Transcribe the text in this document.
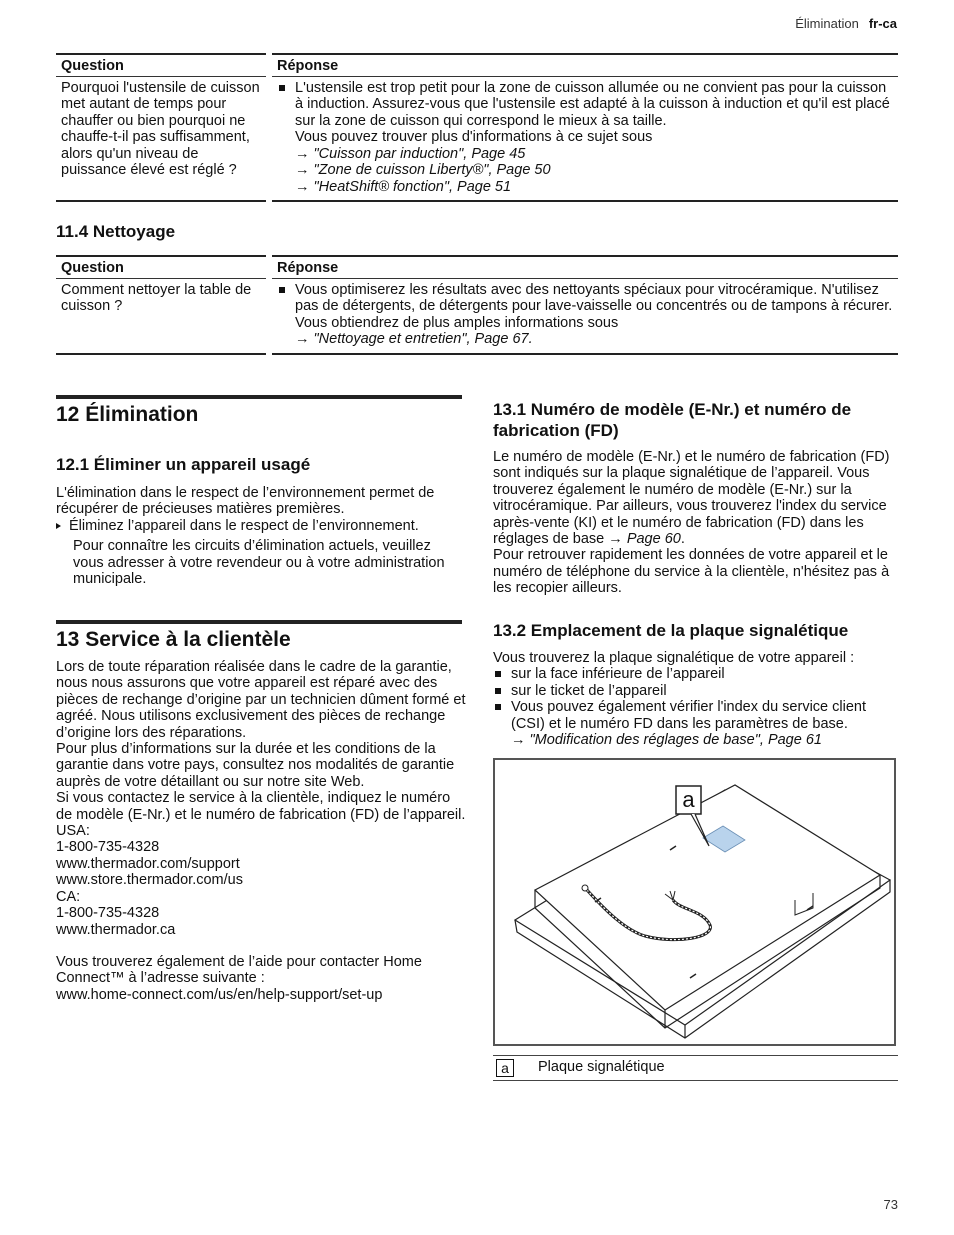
Élimination fr-ca
Question		Réponse
Pourquoi l'ustensile de cuisson met autant de temps pour chauffer ou bien pourquoi ne chauffe-t-il pas suffisamment, alors qu'un niveau de puissance élevé est réglé ?		L'ustensile est trop petit pour la zone de cuisson allumée ou ne convient pas pour la cuisson à induction. Assurez-vous que l'ustensile est adapté à la cuisson à induction et qu'il est placé sur la zone de cuisson qui correspond le mieux à sa taille.
Vous pouvez trouver plus d'informations à ce sujet sous
→ "Cuisson par induction", Page 45
→ "Zone de cuisson Liberty®", Page 50
→ "HeatShift® fonction", Page 51
11.4 Nettoyage
Question		Réponse
Comment nettoyer la table de cuisson ?		Vous optimiserez les résultats avec des nettoyants spéciaux pour vitrocéramique. N'utilisez pas de détergents, de détergents pour lave-vaisselle ou concentrés ou de tampons à récurer.
Vous obtiendrez de plus amples informations sous
→ "Nettoyage et entretien", Page 67.
12 Élimination
12.1 Éliminer un appareil usagé

L'élimination dans le respect de l’environnement permet de récupérer de précieuses matières premières.

Éliminez l’appareil dans le respect de l’environnement.

Pour connaître les circuits d’élimination actuels, veuillez vous adresser à votre revendeur ou à votre administration municipale.

13 Service à la clientèle

Lors de toute réparation réalisée dans le cadre de la garantie, nous nous assurons que votre appareil est réparé avec des pièces de rechange d’origine par un technicien dûment formé et agréé. Nous utilisons exclusivement des pièces de rechange d’origine lors des réparations.

Pour plus d’informations sur la durée et les conditions de la garantie dans votre pays, consultez nos modalités de garantie auprès de votre détaillant ou sur notre site Web.

Si vous contactez le service à la clientèle, indiquez le numéro de modèle (E-Nr.) et le numéro de fabrication (FD) de l’appareil.

USA:

1-800-735-4328

www.thermador.com/support

www.store.thermador.com/us

CA:

1-800-735-4328

www.thermador.ca

Vous trouverez également de l’aide pour contacter Home Connect™ à l’adresse suivante :

www.home-connect.com/us/en/help-support/set-up

13.1 Numéro de modèle (E-Nr.) et numéro de fabrication (FD)

Le numéro de modèle (E-Nr.) et le numéro de fabrication (FD) sont indiqués sur la plaque signalétique de l’appareil. Vous trouverez également le numéro de modèle (E-Nr.) sur la vitrocéramique. Par ailleurs, vous trouverez l'index du service après-vente (KI) et le numéro de fabrication (FD) dans les réglages de base → Page 60.

Pour retrouver rapidement les données de votre appareil et le numéro de téléphone du service à la clientèle, n'hésitez pas à les recopier ailleurs.

13.2 Emplacement de la plaque signalétique

Vous trouverez la plaque signalétique de votre appareil :

sur la face inférieure de l’appareil
sur le ticket de l’appareil
Vous pouvez également vérifier l'index du service client (CSI) et le numéro FD dans les paramètres de base.
→ "Modification des réglages de base", Page 61
a
a	Plaque signalétique
73
